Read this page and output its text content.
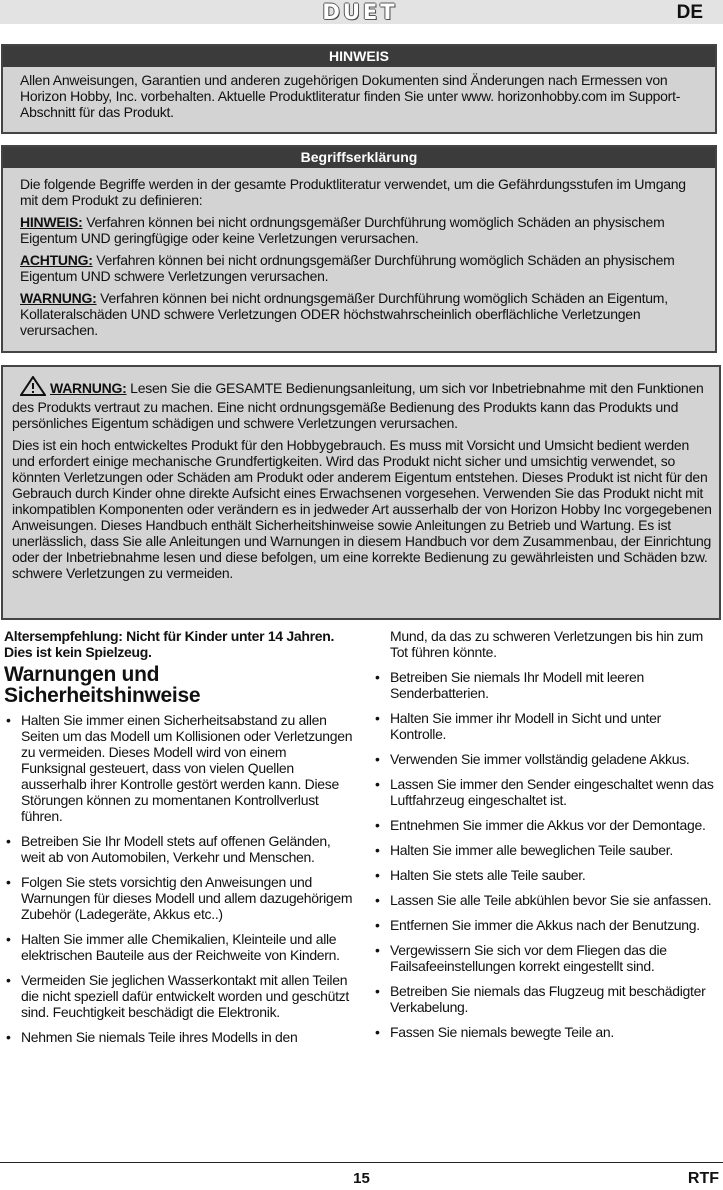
DUET	DE
HINWEIS
Allen Anweisungen, Garantien und anderen zugehörigen Dokumenten sind Änderungen nach Ermessen von Horizon Hobby, Inc. vorbehalten. Aktuelle Produktliteratur finden Sie unter www. horizonhobby.com im Support-Abschnitt für das Produkt.
Begriffserklärung

Die folgende Begriffe werden in der gesamte Produktliteratur verwendet, um die Gefährdungsstufen im Umgang mit dem Produkt zu definieren:

HINWEIS: Verfahren können bei nicht ordnungsgemäßer Durchführung womöglich Schäden an physischem Eigentum UND geringfügige oder keine Verletzungen verursachen.

ACHTUNG: Verfahren können bei nicht ordnungsgemäßer Durchführung womöglich Schäden an physischem Eigentum UND schwere Verletzungen verursachen.

WARNUNG: Verfahren können bei nicht ordnungsgemäßer Durchführung womöglich Schäden an Eigentum, Kollateralschäden UND schwere Verletzungen ODER höchstwahrscheinlich oberflächliche Verletzungen verursachen.

WARNUNG: Lesen Sie die GESAMTE Bedienungsanleitung, um sich vor Inbetriebnahme mit den Funktionen des Produkts vertraut zu machen. Eine nicht ordnungsgemäße Bedienung des Produkts kann das Produkts und persönliches Eigentum schädigen und schwere Verletzungen verursachen.

Dies ist ein hoch entwickeltes Produkt für den Hobbygebrauch. Es muss mit Vorsicht und Umsicht bedient werden und erfordert einige mechanische Grundfertigkeiten. Wird das Produkt nicht sicher und umsichtig verwendet, so könnten Verletzungen oder Schäden am Produkt oder anderem Eigentum entstehen. Dieses Produkt ist nicht für den Gebrauch durch Kinder ohne direkte Aufsicht eines Erwachsenen vorgesehen. Verwenden Sie das Produkt nicht mit inkompatiblen Komponenten oder verändern es in jedweder Art ausserhalb der von Horizon Hobby Inc vorgegebenen Anweisungen. Dieses Handbuch enthält Sicherheitshinweise sowie Anleitungen zu Betrieb und Wartung. Es ist unerlässlich, dass Sie alle Anleitungen und Warnungen in diesem Handbuch vor dem Zusammenbau, der Einrichtung oder der Inbetriebnahme lesen und diese befolgen, um eine korrekte Bedienung zu gewährleisten und Schäden bzw. schwere Verletzungen zu vermeiden.

Altersempfehlung: Nicht für Kinder unter 14 Jahren. Dies ist kein Spielzeug.

Warnungen und Sicherheitshinweise
• Halten Sie immer einen Sicherheitsabstand zu allen Seiten um das Modell um Kollisionen oder Verletzungen zu vermeiden. Dieses Modell wird von einem Funksignal gesteuert, dass von vielen Quellen ausserhalb ihrer Kontrolle gestört werden kann. Diese Störungen können zu momentanen Kontrollverlust führen.
• Betreiben Sie Ihr Modell stets auf offenen Geländen, weit ab von Automobilen, Verkehr und Menschen.
• Folgen Sie stets vorsichtig den Anweisungen und Warnungen für dieses Modell und allem dazugehörigem Zubehör (Ladegeräte, Akkus etc..)
• Halten Sie immer alle Chemikalien, Kleinteile und alle elektrischen Bauteile aus der Reichweite von Kindern.
• Vermeiden Sie jeglichen Wasserkontakt mit allen Teilen die nicht speziell dafür entwickelt worden und geschützt sind. Feuchtigkeit beschädigt die Elektronik.
• Nehmen Sie niemals Teile ihres Modells in den

Mund, da das zu schweren Verletzungen bis hin zum Tot führen könnte.

• Betreiben Sie niemals Ihr Modell mit leeren Senderbatterien.
• Halten Sie immer ihr Modell in Sicht und unter Kontrolle.
• Verwenden Sie immer vollständig geladene Akkus.
• Lassen Sie immer den Sender eingeschaltet wenn das Luftfahrzeug eingeschaltet ist.
• Entnehmen Sie immer die Akkus vor der Demontage.
• Halten Sie immer alle beweglichen Teile sauber.
• Halten Sie stets alle Teile sauber.
• Lassen Sie alle Teile abkühlen bevor Sie sie anfassen.
• Entfernen Sie immer die Akkus nach der Benutzung.
• Vergewissern Sie sich vor dem Fliegen das die Failsafeeinstellungen korrekt eingestellt sind.
• Betreiben Sie niemals das Flugzeug mit beschädigter Verkabelung.
• Fassen Sie niemals bewegte Teile an.
15	RTF
